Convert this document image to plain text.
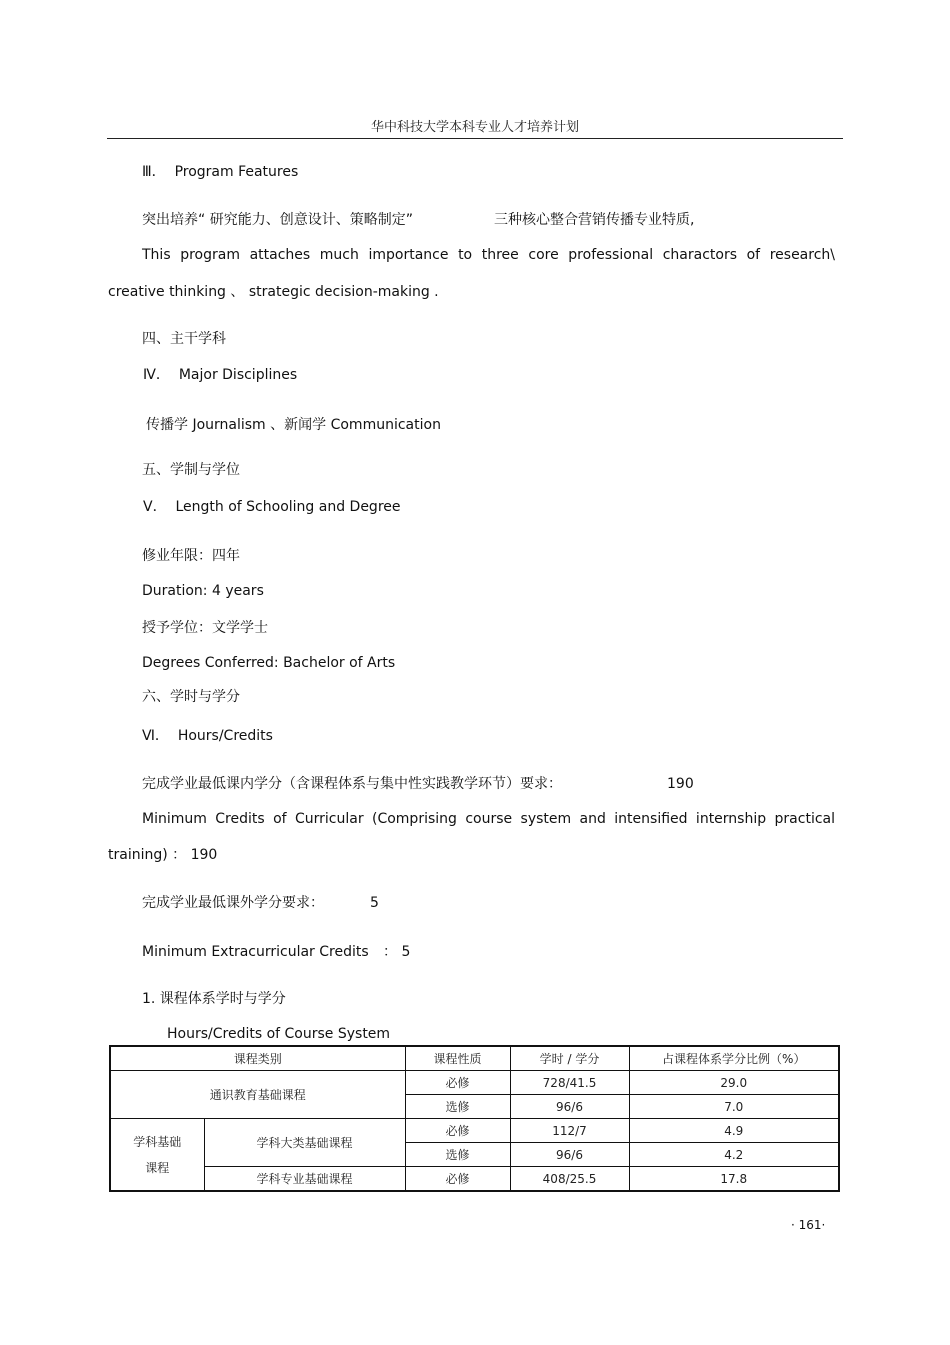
华中科技大学本科专业人才培养计划
Ⅲ． Program Features
突出培养“ 研究能力、创意设计、策略制定”	三种核心整合营销传播专业特质,
This program attaches much importance to three core professional charactors of research\
creative thinking 、 strategic decision-making .
四、主干学科
Ⅳ． Major Disciplines
传播学 Journalism 、新闻学 Communication
五、学制与学位
Ⅴ． Length of Schooling and Degree
修业年限：四年
Duration: 4 years
授予学位：文学学士
Degrees Conferred: Bachelor of Arts
六、学时与学分
Ⅵ． Hours/Credits
完成学业最低课内学分（含课程体系与集中性实践教学环节）要求：	190
Minimum Credits of Curricular (Comprising course system and intensified internship practical
training) ： 190
完成学业最低课外学分要求：	5
Minimum Extracurricular Credits ： 5
1. 课程体系学时与学分
Hours/Credits of Course System
课程类别		课程性质	学时 / 学分	占课程体系学分比例（%）
通识教育基础课程		必修	728/41.5	29.0
		选修	96/6	7.0
学科基础
课程	学科大类基础课程	必修	112/7	4.9
		选修	96/6	4.2
	学科专业基础课程	必修	408/25.5	17.8
· 161·
